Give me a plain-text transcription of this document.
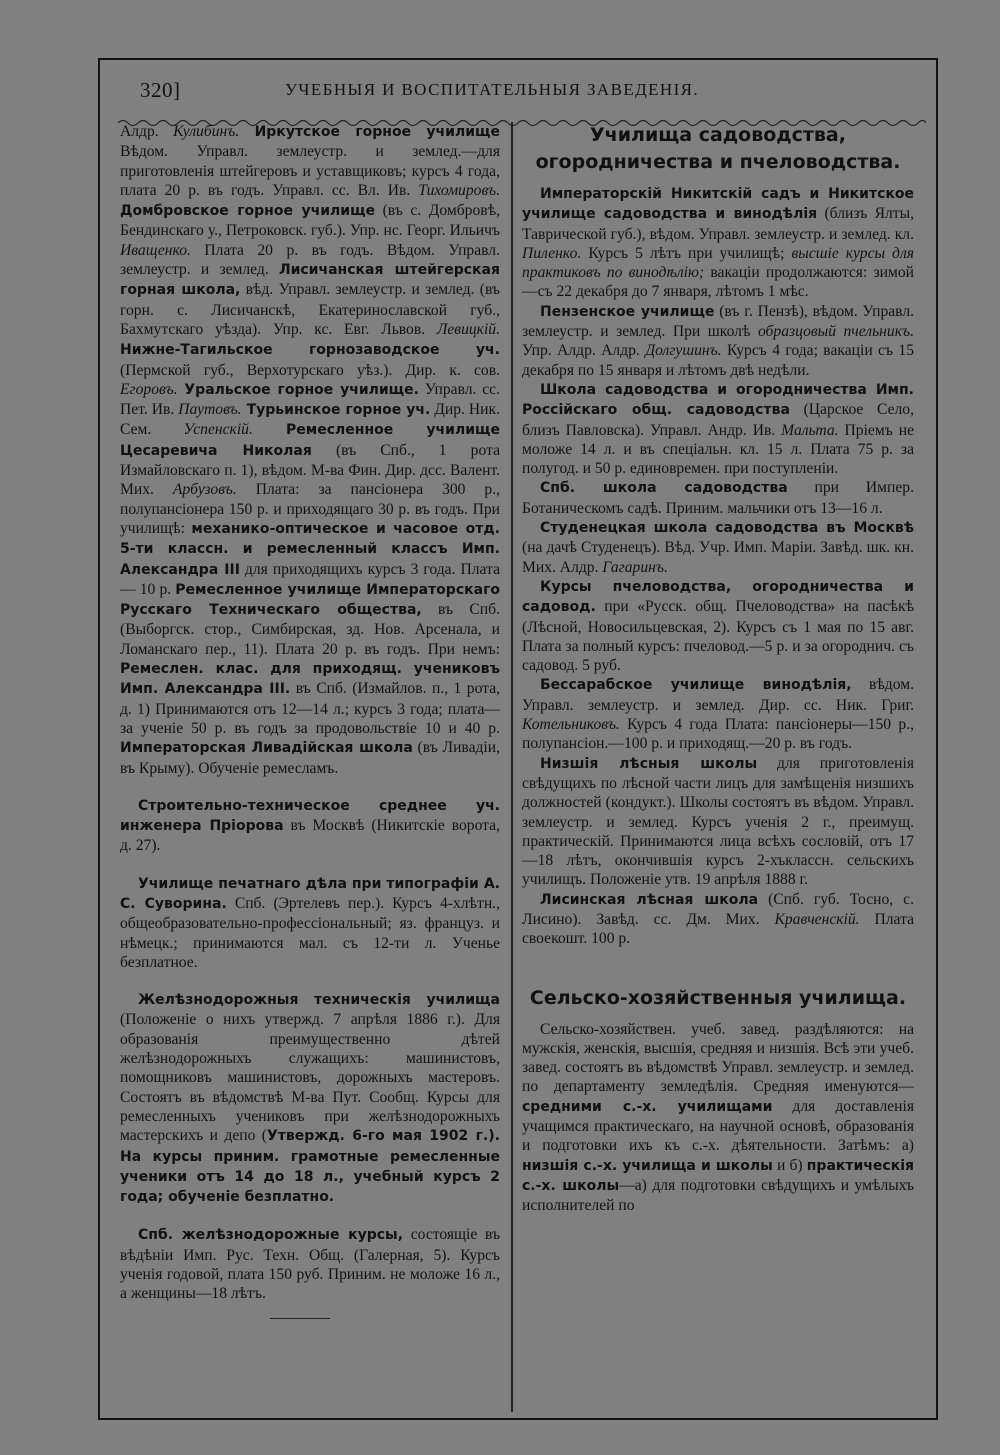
320]	УЧЕБНЫЯ И ВОСПИТАТЕЛЬНЫЯ ЗАВЕДЕНІЯ.

Алдр. Кулибинъ. Иркутское горное училище Вѣдом. Управл. землеустр. и землед.—для приготовленія штейгеровъ и уставщиковъ; курсъ 4 года, плата 20 р. въ годъ. Управл. сс. Вл. Ив. Тихомировъ. Домбровское горное училище (въ с. Домбровѣ, Бендинскаго у., Петроковск. губ.). Упр. нс. Георг. Ильичъ Иващенко. Плата 20 р. въ годъ. Вѣдом. Управл. землеустр. и землед. Лисичанская штейгерская горная школа, вѣд. Управл. землеустр. и землед. (въ горн. с. Лисичанскѣ, Екатеринославской губ., Бахмутскаго уѣзда). Упр. кс. Евг. Львов. Левицкій. Нижне-Тагильское горнозаводское уч. (Пермской губ., Верхотурскаго уѣз.). Дир. к. сов. Егоровъ. Уральское горное училище. Управл. сс. Пет. Ив. Паутовъ. Турьинское горное уч. Дир. Ник. Сем. Успенскій. Ремесленное училище Цесаревича Николая (въ Спб., 1 рота Измайловскаго п. 1), вѣдом. М-ва Фин. Дир. дсс. Валент. Мих. Арбузовъ. Плата: за пансіонера 300 р., полупансіонера 150 р. и приходящаго 30 р. въ годъ. При училищѣ: механико-оптическое и часовое отд. 5-ти классн. и ремесленный классъ Имп. Александра III для приходящихъ курсъ 3 года. Плата — 10 р. Ремесленное училище Императорскаго Русскаго Техническаго общества, въ Спб. (Выборгск. стор., Симбирская, зд. Нов. Арсенала, и Ломанскаго пер., 11). Плата 20 р. въ годъ. При немъ: Ремеслен. клас. для приходящ. учениковъ Имп. Александра III. въ Спб. (Измайлов. п., 1 рота, д. 1) Принимаются отъ 12—14 л.; курсъ 3 года; плата—за ученіе 50 р. въ годъ за продовольствіе 10 и 40 р. Императорская Ливадійская школа (въ Ливадіи, въ Крыму). Обученіе ремесламъ.

Строительно-техническое среднее уч. инженера Пріорова въ Москвѣ (Никитскіе ворота, д. 27).

Училище печатнаго дѣла при типографіи А. С. Суворина. Спб. (Эртелевъ пер.). Курсъ 4-хлѣтн., общеобразовательно-профессіональный; яз. француз. и нѣмецк.; принимаются мал. съ 12-ти л. Ученье безплатное.

Желѣзнодорожныя техническія училища (Положеніе о нихъ утвержд. 7 апрѣля 1886 г.). Для образованія преимущественно дѣтей желѣзнодорожныхъ служащихъ: машинистовъ, помощниковъ машинистовъ, дорожныхъ мастеровъ. Состоятъ въ вѣдомствѣ М-ва Пут. Сообщ. Курсы для ремесленныхъ учениковъ при желѣзнодорожныхъ мастерскихъ и депо (Утвержд. 6-го мая 1902 г.). На курсы приним. грамотные ремесленные ученики отъ 14 до 18 л., учебный курсъ 2 года; обученіе безплатно.

Спб. желѣзнодорожные курсы, состоящіе въ вѣдѣніи Имп. Рус. Техн. Общ. (Галерная, 5). Курсъ ученія годовой, плата 150 руб. Приним. не моложе 16 л., а женщины—18 лѣтъ.

Училища садоводства, огородничества и пчеловодства.

Императорскій Никитскій садъ и Никитское училище садоводства и винодѣлія (близъ Ялты, Таврической губ.), вѣдом. Управл. землеустр. и землед. кл. Пиленко. Курсъ 5 лѣтъ при училищѣ; высшіе курсы для практиковъ по винодѣлію; вакаціи продолжаются: зимой—съ 22 декабря до 7 января, лѣтомъ 1 мѣс.

Пензенское училище (въ г. Пензѣ), вѣдом. Управл. землеустр. и землед. При школѣ образцовый пчельникъ. Упр. Алдр. Алдр. Долгушинъ. Курсъ 4 года; вакаціи съ 15 декабря по 15 января и лѣтомъ двѣ недѣли.

Школа садоводства и огородничества Имп. Россійскаго общ. садоводства (Царское Село, близъ Павловска). Управл. Андр. Ив. Мальта. Пріемъ не моложе 14 л. и въ спеціальн. кл. 15 л. Плата 75 р. за полугод. и 50 р. единовремен. при поступленіи.

Спб. школа садоводства при Импер. Ботаническомъ садѣ. Приним. мальчики отъ 13—16 л.

Студенецкая школа садоводства въ Москвѣ (на дачѣ Студенецъ). Вѣд. Учр. Имп. Маріи. Завѣд. шк. кн. Мих. Алдр. Гагаринъ.

Курсы пчеловодства, огородничества и садовод. при «Русск. общ. Пчеловодства» на пасѣкѣ (Лѣсной, Новосильцевская, 2). Курсъ съ 1 мая по 15 авг. Плата за полный курсъ: пчеловод.—5 р. и за огороднич. съ садовод. 5 руб.

Бессарабское училище винодѣлія, вѣдом. Управл. землеустр. и землед. Дир. сс. Ник. Григ. Котельниковъ. Курсъ 4 года Плата: пансіонеры—150 р., полупансіон.—100 р. и приходящ.—20 р. въ годъ.

Низшія лѣсныя школы для приготовленія свѣдущихъ по лѣсной части лицъ для замѣщенія низшихъ должностей (кондукт.). Школы состоятъ въ вѣдом. Управл. землеустр. и землед. Курсъ ученія 2 г., преимущ. практическій. Принимаются лица всѣхъ сословій, отъ 17—18 лѣтъ, окончившія курсъ 2-хъклассн. сельскихъ училищъ. Положеніе утв. 19 апрѣля 1888 г.

Лисинская лѣсная школа (Спб. губ. Тосно, с. Лисино). Завѣд. сс. Дм. Мих. Кравченскій. Плата своекошт. 100 р.

Сельско-хозяйственныя училища.

Сельско-хозяйствен. учеб. завед. раздѣляются: на мужскія, женскія, высшія, средняя и низшія. Всѣ эти учеб. завед. состоятъ въ вѣдомствѣ Управл. землеустр. и землед. по департаменту земледѣлія. Средняя именуются— средними с.-х. училищами для доставленія учащимся практическаго, на научной основѣ, образованія и подготовки ихъ къ с.-х. дѣятельности. Затѣмъ: а) низшія с.-х. училища и школы и б) практическія с.-х. школы—а) для подготовки свѣдущихъ и умѣлыхъ исполнителей по
